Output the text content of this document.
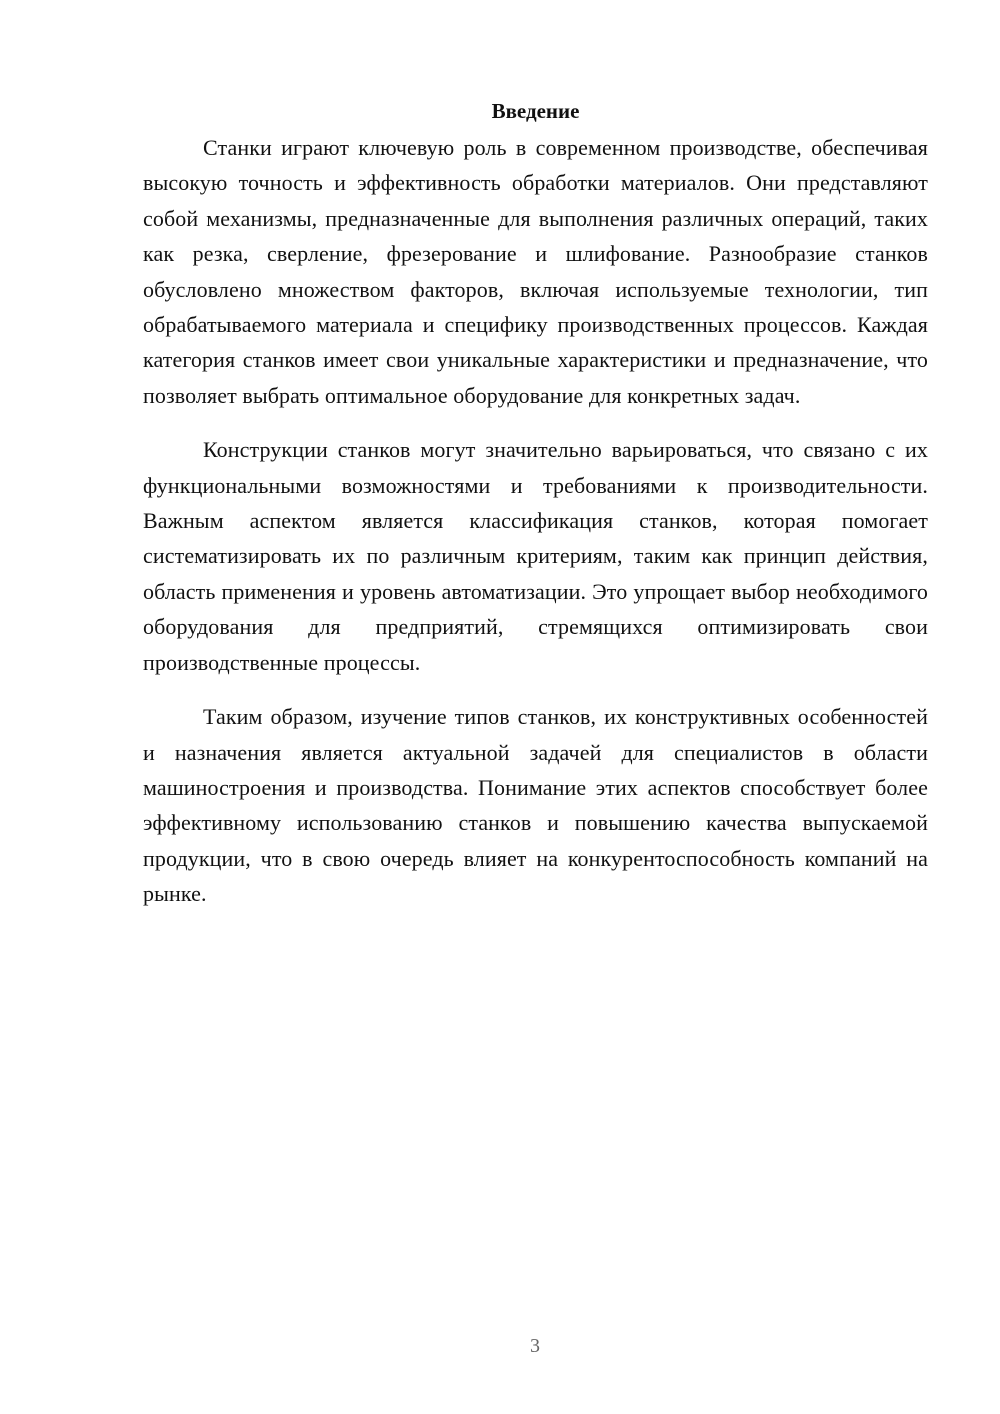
Введение

Станки играют ключевую роль в современном производстве, обеспечивая высокую точность и эффективность обработки материалов. Они представляют собой механизмы, предназначенные для выполнения различных операций, таких как резка, сверление, фрезерование и шлифование. Разнообразие станков обусловлено множеством факторов, включая используемые технологии, тип обрабатываемого материала и специфику производственных процессов. Каждая категория станков имеет свои уникальные характеристики и предназначение, что позволяет выбрать оптимальное оборудование для конкретных задач.

Конструкции станков могут значительно варьироваться, что связано с их функциональными возможностями и требованиями к производительности. Важным аспектом является классификация станков, которая помогает систематизировать их по различным критериям, таким как принцип действия, область применения и уровень автоматизации. Это упрощает выбор необходимого оборудования для предприятий, стремящихся оптимизировать свои производственные процессы.

Таким образом, изучение типов станков, их конструктивных особенностей и назначения является актуальной задачей для специалистов в области машиностроения и производства. Понимание этих аспектов способствует более эффективному использованию станков и повышению качества выпускаемой продукции, что в свою очередь влияет на конкурентоспособность компаний на рынке.

3
